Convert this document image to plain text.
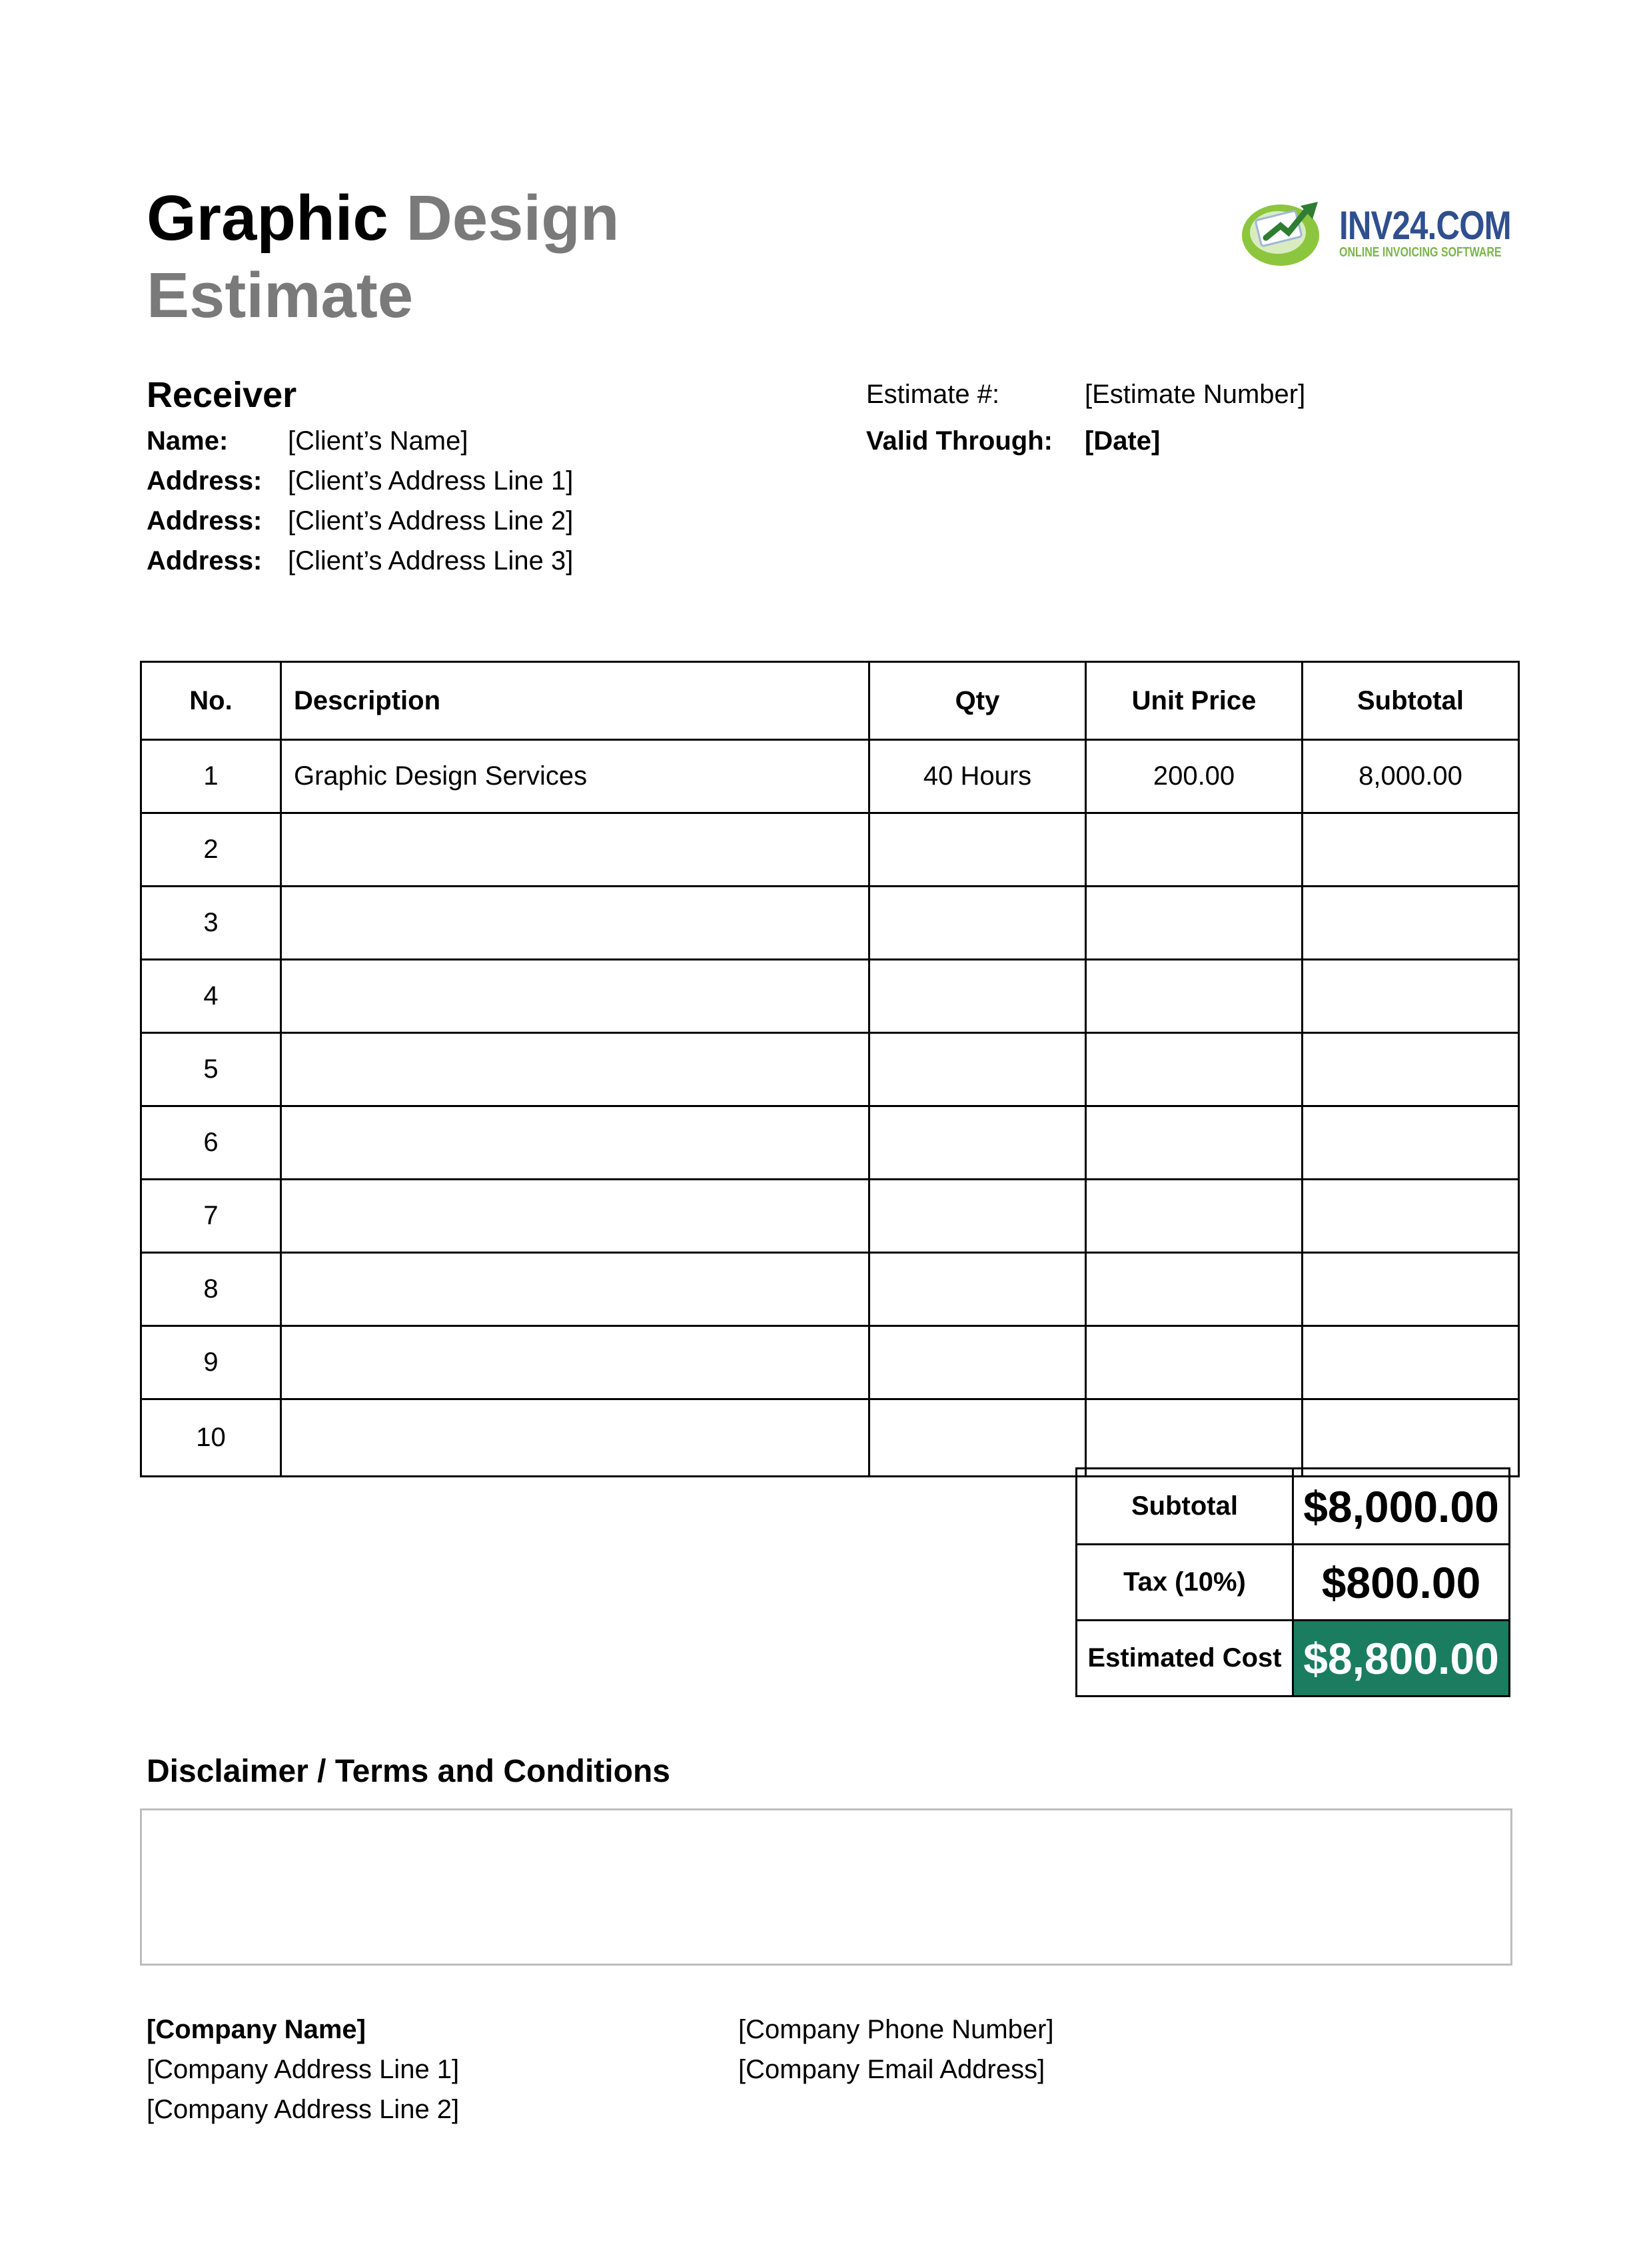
Graphic Design
Estimate
INV24.COM
ONLINE INVOICING SOFTWARE
Receiver
Name: [Client’s Name]
Address: [Client’s Address Line 1]
Address: [Client’s Address Line 2]
Address: [Client’s Address Line 3]
Estimate #:	[Estimate Number]
Valid Through: [Date]
No.	Description	Qty	Unit Price	Subtotal
1	Graphic Design Services	40 Hours	200.00	8,000.00
2				
3				
4				
5				
6				
7				
8				
9				
10				
Subtotal	$8,000.00
Tax (10%)	$800.00
Estimated Cost	$8,800.00
Disclaimer / Terms and Conditions
[Company Name]
[Company Address Line 1]
[Company Address Line 2]
[Company Phone Number]
[Company Email Address]
